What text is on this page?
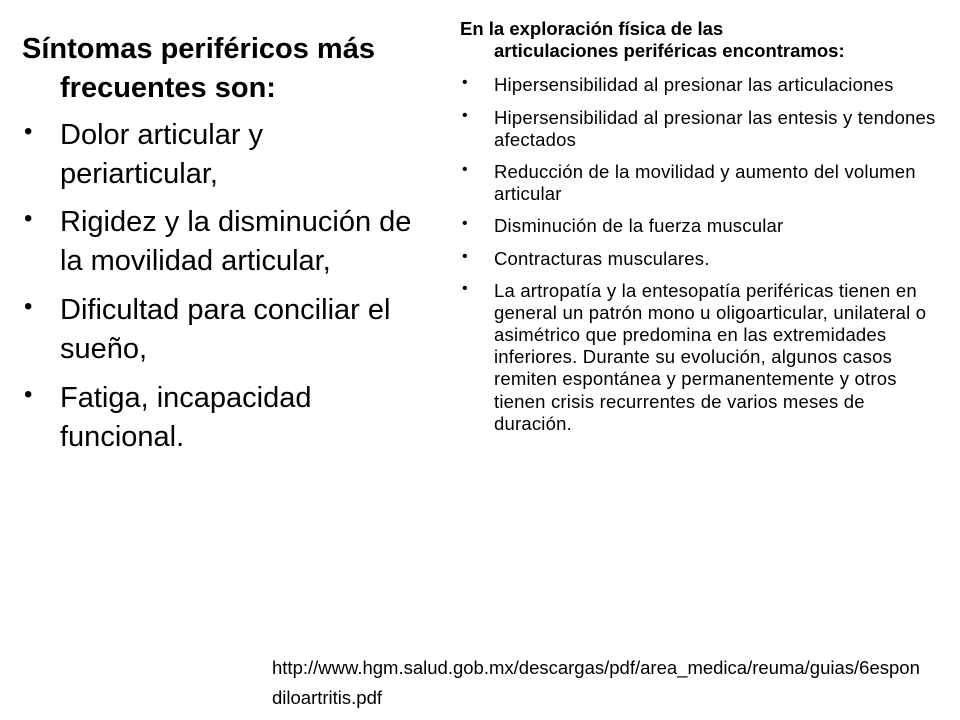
Síntomas periféricos más
frecuentes son:

• Dolor articular y periarticular,
• Rigidez y la disminución de la movilidad articular,
• Dificultad para conciliar el sueño,
• Fatiga, incapacidad funcional.

En la exploración física de las
articulaciones periféricas encontramos:

• Hipersensibilidad al presionar las articulaciones
• Hipersensibilidad al presionar las entesis y tendones afectados
• Reducción de la movilidad y aumento del volumen articular
• Disminución de la fuerza muscular
• Contracturas musculares.
• La artropatía y la entesopatía periféricas tienen en general un patrón mono u oligoarticular, unilateral o asimétrico que predomina en las extremidades inferiores. Durante su evolución, algunos casos remiten espontánea y permanentemente y otros tienen crisis recurrentes de varios meses de duración.
http://www.hgm.salud.gob.mx/descargas/pdf/area_medica/reuma/guias/6espondiloartritis.pdf
